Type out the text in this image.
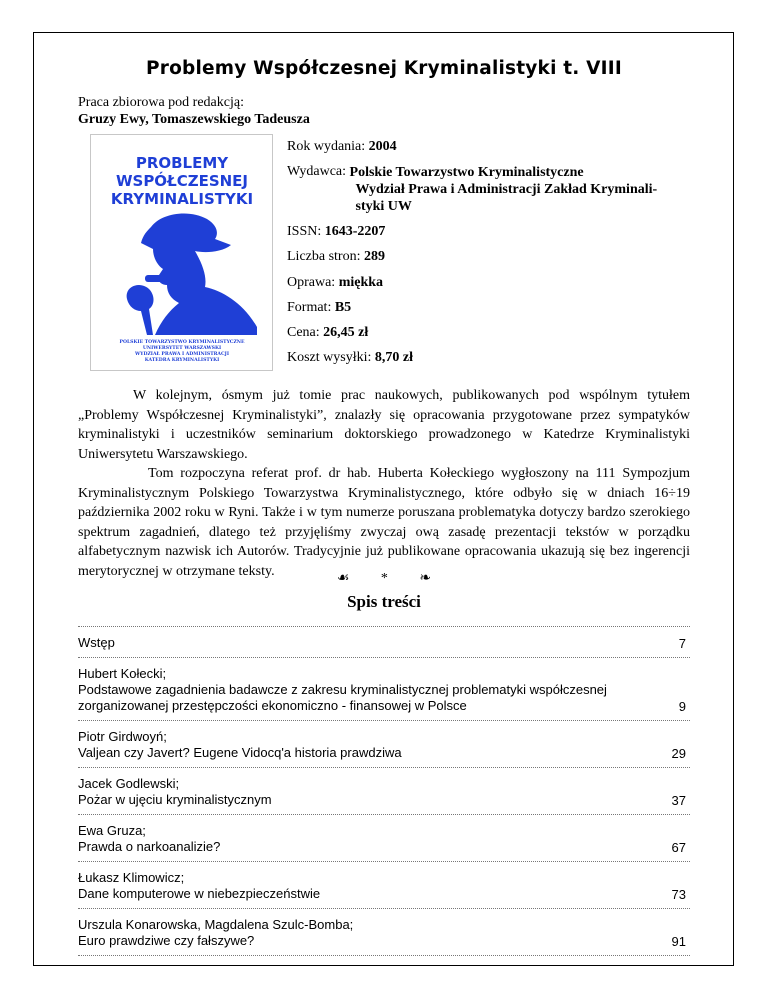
Problemy Współczesnej Kryminalistyki t. VIII
Praca zbiorowa pod redakcją:
Gruzy Ewy, Tomaszewskiego Tadeusza
PROBLEMY
WSPÓŁCZESNEJ
KRYMINALISTYKI
POLSKIE TOWARZYSTWO KRYMINALISTYCZNE
UNIWERSYTET WARSZAWSKI
WYDZIAŁ PRAWA I ADMINISTRACJI
KATEDRA KRYMINALISTYKI
Rok wydania: 2004
Wydawca: Polskie Towarzystwo Kryminalistyczne
Wydział Prawa i Administracji Zakład Kryminali-
styki UW
ISSN: 1643-2207
Liczba stron: 289
Oprawa: miękka
Format: B5
Cena: 26,45 zł
Koszt wysyłki: 8,70 zł

W kolejnym, ósmym już tomie prac naukowych, publikowanych pod wspólnym tytułem „Problemy Współczesnej Kryminalistyki”, znalazły się opracowania przygotowane przez sympatyków kryminalistyki i uczestników seminarium doktorskiego prowadzonego w Katedrze Kryminalistyki Uniwersytetu Warszawskiego.

Tom rozpoczyna referat prof. dr hab. Huberta Kołeckiego wygłoszony na 111 Sympozjum Kryminalistycznym Polskiego Towarzystwa Kryminalistycznego, które odbyło się w dniach 16÷19 października 2002 roku w Ryni. Także i w tym numerze poruszana problematyka dotyczy bardzo szerokiego spektrum zagadnień, dlatego też przyjęliśmy zwyczaj ową zasadę prezentacji tekstów w porządku alfabetycznym nazwisk ich Autorów. Tradycyjnie już publikowane opracowania ukazują się bez ingerencji merytorycznej w otrzymane teksty.	☙ * ❧
Spis treści
Wstęp	7
Hubert Kołecki;
Podstawowe zagadnienia badawcze z zakresu kryminalistycznej problematyki współczesnej
zorganizowanej przestępczości ekonomiczno - finansowej w Polsce	9
Piotr Girdwoyń;
Valjean czy Javert? Eugene Vidocq'a historia prawdziwa	29
Jacek Godlewski;
Pożar w ujęciu kryminalistycznym	37
Ewa Gruza;
Prawda o narkoanalizie?	67
Łukasz Klimowicz;
Dane komputerowe w niebezpieczeństwie	73
Urszula Konarowska, Magdalena Szulc-Bomba;
Euro prawdziwe czy fałszywe?	91
